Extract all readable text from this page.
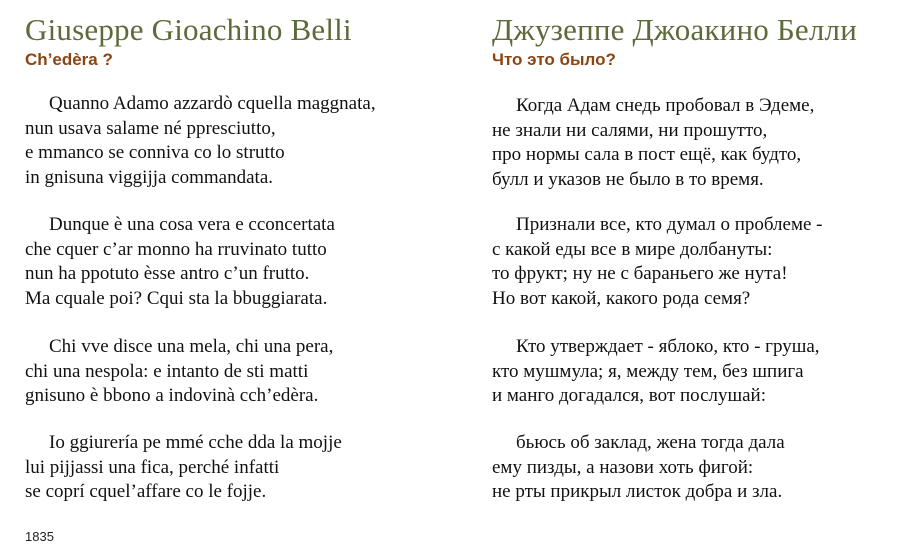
Giuseppe Gioachino Belli
Ch’edèra ?
Quanno Adamo azzardò cquella maggnata,
nun usava salame né ppresciutto,
e mmanco se conniva co lo strutto
in gnisuna viggijja commandata.
Dunque è una cosa vera e cconcertata
che cquer c’ar monno ha rruvinato tutto
nun ha ppotuto èsse antro c’un frutto.
Ma cquale poi? Cqui sta la bbuggiarata.
Chi vve disce una mela, chi una pera,
chi una nespola: e intanto de sti matti
gnisuno è bbono a indovinà cch’edèra.
Io ggiurería pe mmé cche dda la mojje
lui pijjassi una fica, perché infatti
se coprí cquel’affare co le fojje.
Джузеппе Джоакино Белли
Что это было?
Когда Адам снедь пробовал в Эдеме,
не знали ни салями, ни прошутто,
про нормы сала в пост ещё, как будто,
булл и указов не было в то время.
Признали все, кто думал о проблеме -
с какой еды все в мире долбануты:
то фрукт; ну не с бараньего же нута!
Но вот какой, какого рода семя?
Кто утверждает - яблоко, кто - груша,
кто мушмула; я, между тем, без шпига
и манго догадался, вот послушай:
бьюсь об заклад, жена тогда дала
ему пизды, а назови хоть фигой:
не рты прикрыл листок добра и зла.
1835
